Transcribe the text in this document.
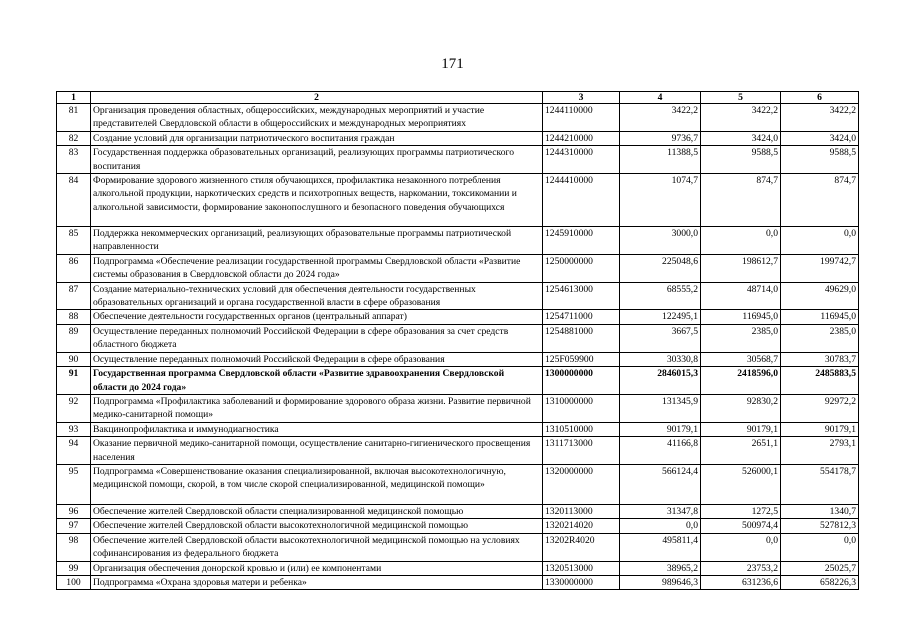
171
1	2	3	4	5	6
81	Организация проведения областных, общероссийских, международных мероприятий и участие представителей Свердловской области в общероссийских и международных мероприятиях	1244110000	3422,2	3422,2	3422,2
82	Создание условий для организации патриотического воспитания граждан	1244210000	9736,7	3424,0	3424,0
83	Государственная поддержка образовательных организаций, реализующих программы патриотического воспитания	1244310000	11388,5	9588,5	9588,5
84	Формирование здорового жизненного стиля обучающихся, профилактика незаконного потребления алкогольной продукции, наркотических средств и психотропных веществ, наркомании, токсикомании и алкогольной зависимости, формирование законопослушного и безопасного поведения обучающихся	1244410000	1074,7	874,7	874,7
85	Поддержка некоммерческих организаций, реализующих образовательные программы патриотической направленности	1245910000	3000,0	0,0	0,0
86	Подпрограмма «Обеспечение реализации государственной программы Свердловской области «Развитие системы образования в Свердловской области до 2024 года»	1250000000	225048,6	198612,7	199742,7
87	Создание материально-технических условий для обеспечения деятельности государственных образовательных организаций и органа государственной власти в сфере образования	1254613000	68555,2	48714,0	49629,0
88	Обеспечение деятельности государственных органов (центральный аппарат)	1254711000	122495,1	116945,0	116945,0
89	Осуществление переданных полномочий Российской Федерации в сфере образования за счет средств областного бюджета	1254881000	3667,5	2385,0	2385,0
90	Осуществление переданных полномочий Российской Федерации в сфере образования	125F059900	30330,8	30568,7	30783,7
91	Государственная программа Свердловской области «Развитие здравоохранения Свердловской области до 2024 года»	1300000000	2846015,3	2418596,0	2485883,5
92	Подпрограмма «Профилактика заболеваний и формирование здорового образа жизни. Развитие первичной медико-санитарной помощи»	1310000000	131345,9	92830,2	92972,2
93	Вакцинопрофилактика и иммунодиагностика	1310510000	90179,1	90179,1	90179,1
94	Оказание первичной медико-санитарной помощи, осуществление санитарно-гигиенического просвещения населения	1311713000	41166,8	2651,1	2793,1
95	Подпрограмма «Совершенствование оказания специализированной, включая высокотехнологичную, медицинской помощи, скорой, в том числе скорой специализированной, медицинской помощи»	1320000000	566124,4	526000,1	554178,7
96	Обеспечение жителей Свердловской области специализированной медицинской помощью	1320113000	31347,8	1272,5	1340,7
97	Обеспечение жителей Свердловской области высокотехнологичной медицинской помощью	1320214020	0,0	500974,4	527812,3
98	Обеспечение жителей Свердловской области высокотехнологичной медицинской помощью на условиях софинансирования из федерального бюджета	13202R4020	495811,4	0,0	0,0
99	Организация обеспечения донорской кровью и (или) ее компонентами	1320513000	38965,2	23753,2	25025,7
100	Подпрограмма «Охрана здоровья матери и ребенка»	1330000000	989646,3	631236,6	658226,3
